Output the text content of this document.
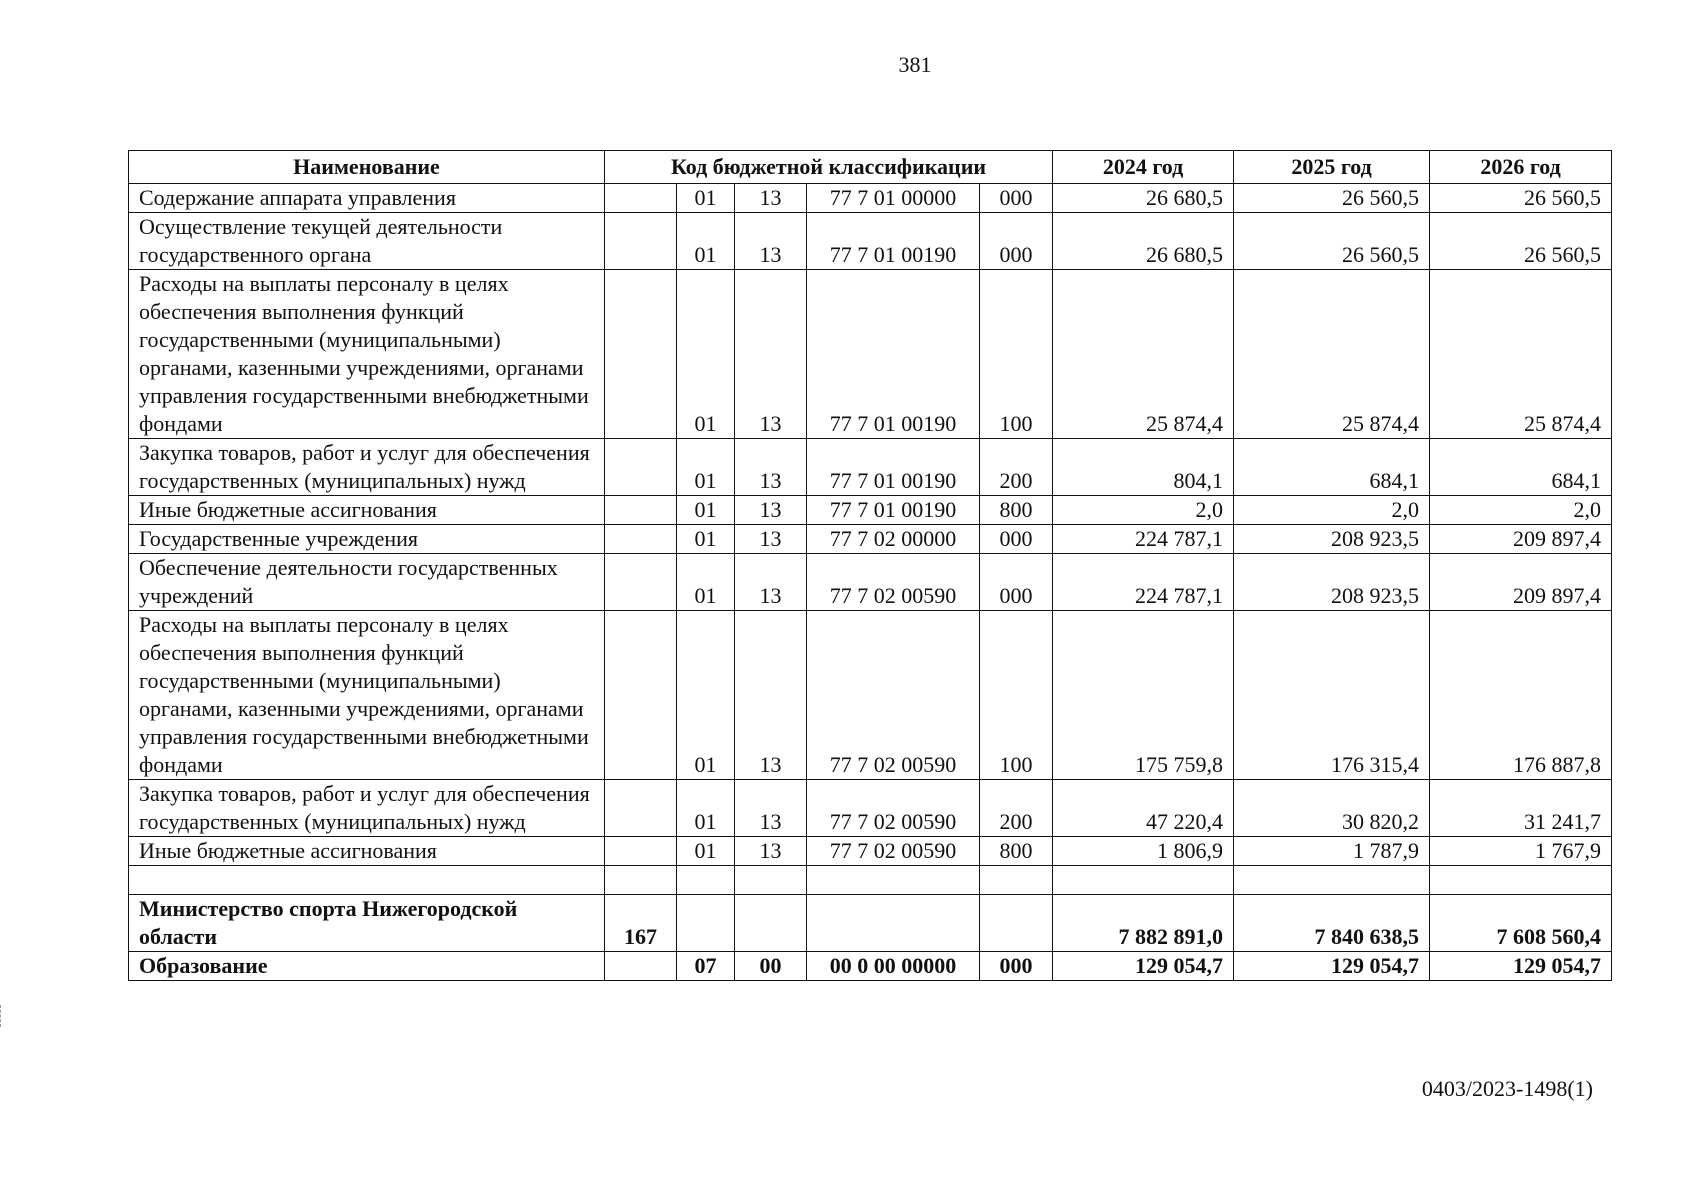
381
Наименование	Код бюджетной классификации					2024 год	2025 год	2026 год
Содержание аппарата управления		01	13	77 7 01 00000	000	26 680,5	26 560,5	26 560,5
Осуществление текущей деятельности государственного органа		01	13	77 7 01 00190	000	26 680,5	26 560,5	26 560,5
Расходы на выплаты персоналу в целях обеспечения выполнения функций государственными (муниципальными) органами, казенными учреждениями, органами управления государственными внебюджетными фондами		01	13	77 7 01 00190	100	25 874,4	25 874,4	25 874,4
Закупка товаров, работ и услуг для обеспечения государственных (муниципальных) нужд		01	13	77 7 01 00190	200	804,1	684,1	684,1
Иные бюджетные ассигнования		01	13	77 7 01 00190	800	2,0	2,0	2,0
Государственные учреждения		01	13	77 7 02 00000	000	224 787,1	208 923,5	209 897,4
Обеспечение деятельности государственных учреждений		01	13	77 7 02 00590	000	224 787,1	208 923,5	209 897,4
Расходы на выплаты персоналу в целях обеспечения выполнения функций государственными (муниципальными) органами, казенными учреждениями, органами управления государственными внебюджетными фондами		01	13	77 7 02 00590	100	175 759,8	176 315,4	176 887,8
Закупка товаров, работ и услуг для обеспечения государственных (муниципальных) нужд		01	13	77 7 02 00590	200	47 220,4	30 820,2	31 241,7
Иные бюджетные ассигнования		01	13	77 7 02 00590	800	1 806,9	1 787,9	1 767,9

Министерство спорта Нижегородской области	167					7 882 891,0	7 840 638,5	7 608 560,4
Образование		07	00	00 0 00 00000	000	129 054,7	129 054,7	129 054,7
0403/2023-1498(1)
